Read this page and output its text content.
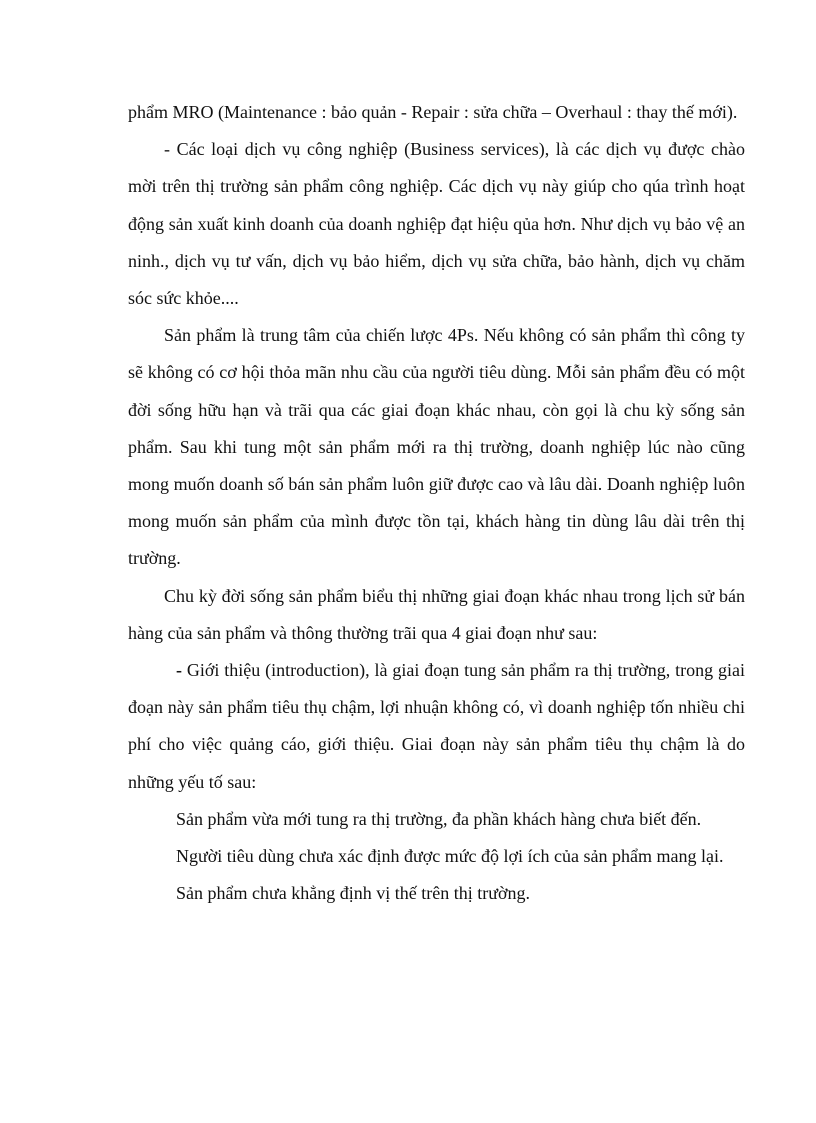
phẩm MRO (Maintenance : bảo quản - Repair : sửa chữa – Overhaul : thay thế mới).

- Các loại dịch vụ công nghiệp (Business services), là các dịch vụ được chào mời trên thị trường sản phẩm công nghiệp. Các dịch vụ này giúp cho qúa trình hoạt động sản xuất kinh doanh của doanh nghiệp đạt hiệu qủa hơn. Như dịch vụ bảo vệ an ninh., dịch vụ tư vấn, dịch vụ bảo hiểm, dịch vụ sửa chữa, bảo hành, dịch vụ chăm sóc sức khỏe....

Sản phẩm là trung tâm của chiến lược 4Ps. Nếu không có sản phẩm thì công ty sẽ không có cơ hội thỏa mãn nhu cầu của người tiêu dùng. Mỗi sản phẩm đều có một đời sống hữu hạn và trãi qua các giai đoạn khác nhau, còn gọi là chu kỳ sống sản phẩm. Sau khi tung một sản phẩm mới ra thị trường, doanh nghiệp lúc nào cũng mong muốn doanh số bán sản phẩm luôn giữ được cao và lâu dài. Doanh nghiệp luôn mong muốn sản phẩm của mình được tồn tại, khách hàng tin dùng lâu dài trên thị trường.

Chu kỳ đời sống sản phẩm biểu thị những giai đoạn khác nhau trong lịch sử bán hàng của sản phẩm và thông thường trãi qua 4 giai đoạn như sau:

- Giới thiệu (introduction), là giai đoạn tung sản phẩm ra thị trường, trong giai đoạn này sản phẩm tiêu thụ chậm, lợi nhuận không có, vì doanh nghiệp tốn nhiều chi phí cho việc quảng cáo, giới thiệu. Giai đoạn này sản phẩm tiêu thụ chậm là do những yếu tố sau:

Sản phẩm vừa mới tung ra thị trường, đa phần khách hàng chưa biết đến.

Người tiêu dùng chưa xác định được mức độ lợi ích của sản phẩm mang lại.

Sản phẩm chưa khẳng định vị thế trên thị trường.
